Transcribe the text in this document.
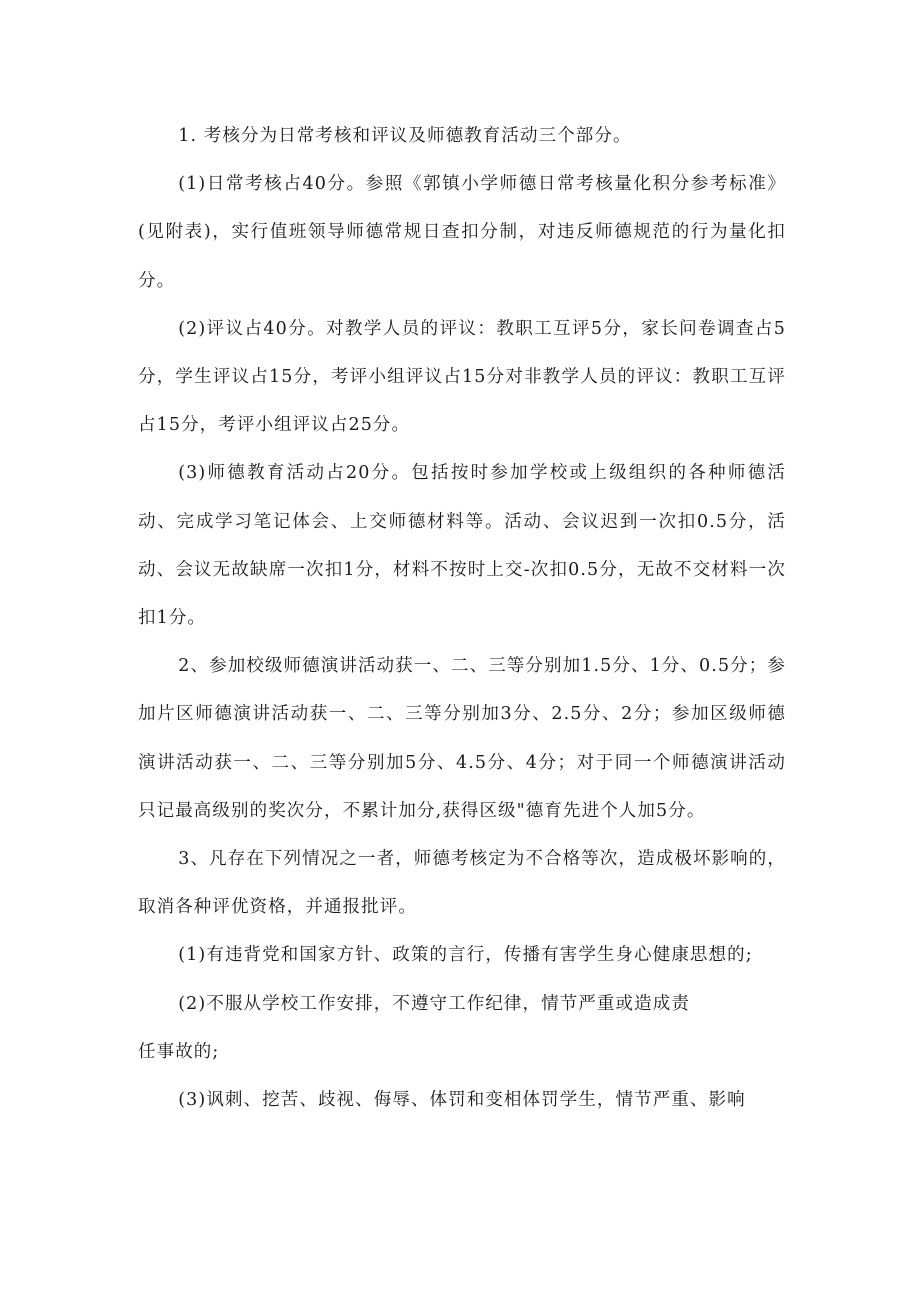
1. 考核分为日常考核和评议及师德教育活动三个部分。

(1)日常考核占40分。参照《郭镇小学师德日常考核量化积分参考标准》(见附表)，实行值班领导师德常规日查扣分制，对违反师德规范的行为量化扣分。

(2)评议占40分。对教学人员的评议：教职工互评5分，家长问卷调查占5分，学生评议占15分，考评小组评议占15分对非教学人员的评议：教职工互评占15分，考评小组评议占25分。

(3)师德教育活动占20分。包括按时参加学校或上级组织的各种师德活动、完成学习笔记体会、上交师德材料等。活动、会议迟到一次扣0.5分，活动、会议无故缺席一次扣1分，材料不按时上交-次扣0.5分，无故不交材料一次扣1分。

2、参加校级师德演讲活动获一、二、三等分别加1.5分、1分、0.5分；参加片区师德演讲活动获一、二、三等分别加3分、2.5分、2分；参加区级师德演讲活动获一、二、三等分别加5分、4.5分、4分；对于同一个师德演讲活动只记最高级别的奖次分，不累计加分,获得区级"德育先进个人加5分。

3、凡存在下列情况之一者，师德考核定为不合格等次，造成极坏影响的，取消各种评优资格，并通报批评。

(1)有违背党和国家方针、政策的言行，传播有害学生身心健康思想的;

(2)不服从学校工作安排，不遵守工作纪律，情节严重或造成责

任事故的;

(3)讽刺、挖苦、歧视、侮辱、体罚和变相体罚学生，情节严重、影响
